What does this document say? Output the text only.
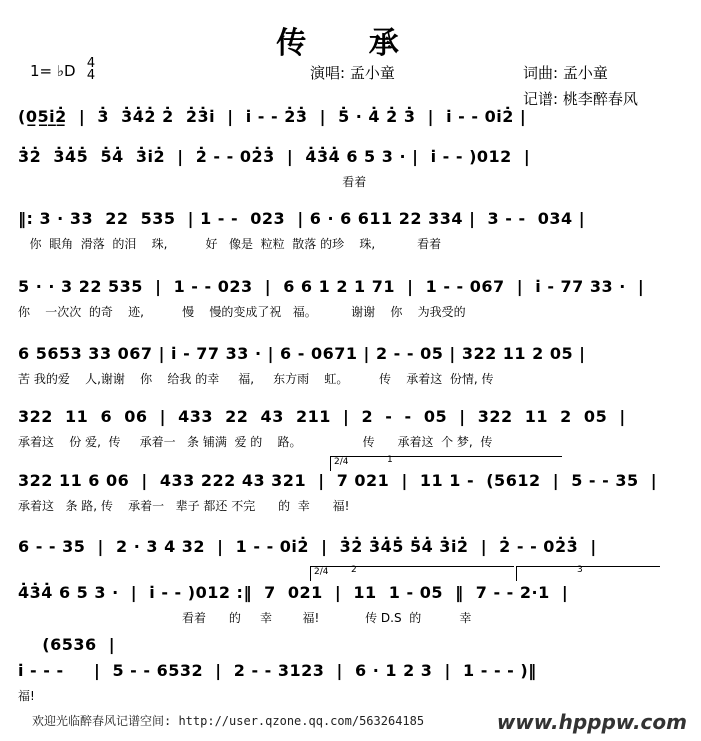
传 承
1= ♭D 4
4	演唱: 孟小童	词曲: 孟小童
记谱: 桃李醉春风
(0̲5̲i̲̇2̲̇  |  3̇  3̇4̇2̇ 2̇  2̇3̇i̇  |  i̇ - - 2̇3̇  |  5̇ · 4̇ 2̇ 3̇  |  i̇ - - 0i̇2̇ |
3̇2̇  3̇4̇5̇  5̇4̇  3̇i̇2̇  |  2̇ - - 02̇3̇  |  4̇3̇4̇ 6 5 3 · |  i̇ - - )012  |
看着
‖: 3 · 33  22  535  | 1 - -  023  | 6 · 6 611 22 334 |  3 - -  034 |
你  眼角  滑落  的泪    珠,          好   像是  粒粒  散落 的珍    珠,           看着
5 · · 3 22 535  |  1 - - 023  |  6 6 1 2 1 71  |  1 - - 067  |  i̇ - 77 33 ·  |
你    一次次  的奇    迹,          慢    慢的变成了祝   福。         谢谢    你    为我受的
6 5653 33 067 | i̇ - 77 33 · | 6 - 0671 | 2 - - 05 | 322 11 2 05 |
苦 我的爱    人,谢谢    你    给我 的幸     福,     东方雨    虹。        传    承着这  份情, 传
322  11  6  06  |  433  22  43  211  |  2  -  -  05  |  322  11  2  05  |
承着这    份 爱,  传     承着一   条 铺满  爱 的    路。                传      承着这  个 梦,  传
2/4	1
322 11 6 06  |  433 222 43 321  |  7 021  |  11 1 -  (5612  |  5 - - 35  |
承着这   条 路, 传    承着一   辈子 都还 不完      的  幸      福!
6 - - 35  |  2 · 3 4 32  |  1 - - 0i̇2̇  |  3̇2̇ 3̇4̇5̇ 5̇4̇ 3̇i̇2̇  |  2̇ - - 02̇3̇  |
2/4	2	3
4̇3̇4̇ 6 5 3 ·  |  i̇ - - )012 :‖  7  021  |  11  1 - 05  ‖  7 - - 2·1  |
看着      的     幸        福!            传 D.S  的          幸
(6536  |
i̇ - - -     |  5 - - 6532  |  2 - - 3123  |  6 · 1 2 3  |  1 - - - )‖
福!
欢迎光临醉春风记谱空间: http://user.qzone.qq.com/563264185	www.hpppw.com
